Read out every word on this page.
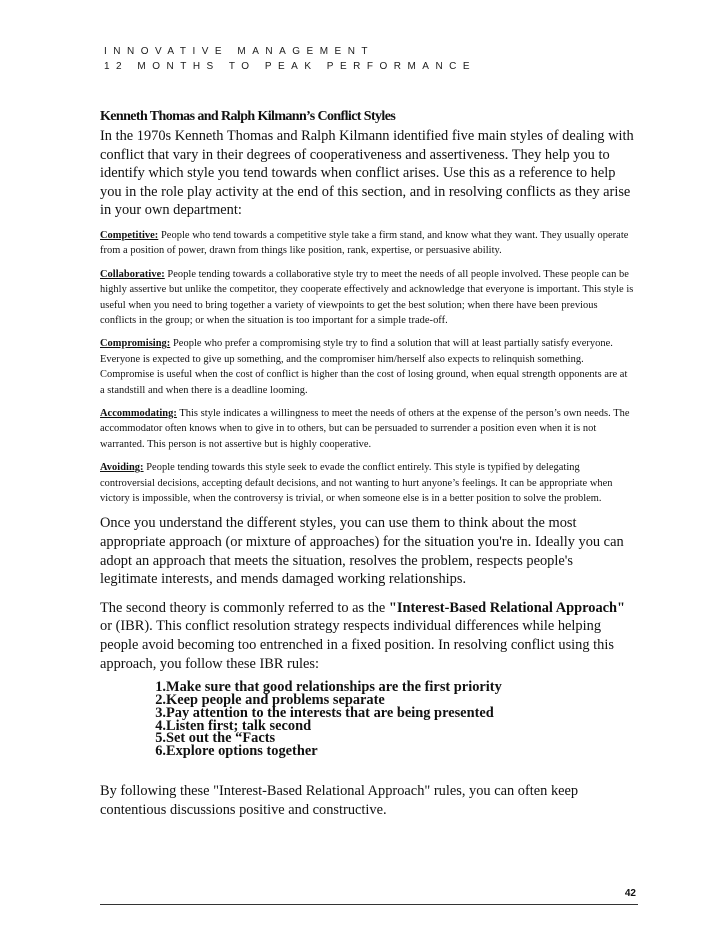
INNOVATIVE MANAGEMENT
12 MONTHS TO PEAK PERFORMANCE
Kenneth Thomas and Ralph Kilmann’s Conflict Styles

In the 1970s Kenneth Thomas and Ralph Kilmann identified five main styles of dealing with conflict that vary in their degrees of cooperativeness and assertiveness. They help you to identify which style you tend towards when conflict arises. Use this as a reference to help you in the role play activity at the end of this section, and in resolving conflicts as they arise in your own department:

Competitive: People who tend towards a competitive style take a firm stand, and know what they want. They usually operate from a position of power, drawn from things like position, rank, expertise, or persuasive ability.

Collaborative: People tending towards a collaborative style try to meet the needs of all people involved. These people can be highly assertive but unlike the competitor, they cooperate effectively and acknowledge that everyone is important. This style is useful when you need to bring together a variety of viewpoints to get the best solution; when there have been previous conflicts in the group; or when the situation is too important for a simple trade-off.

Compromising: People who prefer a compromising style try to find a solution that will at least partially satisfy everyone. Everyone is expected to give up something, and the compromiser him/herself also expects to relinquish something. Compromise is useful when the cost of conflict is higher than the cost of losing ground, when equal strength opponents are at a standstill and when there is a deadline looming.

Accommodating: This style indicates a willingness to meet the needs of others at the expense of the person’s own needs. The accommodator often knows when to give in to others, but can be persuaded to surrender a position even when it is not warranted. This person is not assertive but is highly cooperative.

Avoiding: People tending towards this style seek to evade the conflict entirely. This style is typified by delegating controversial decisions, accepting default decisions, and not wanting to hurt anyone’s feelings. It can be appropriate when victory is impossible, when the controversy is trivial, or when someone else is in a better position to solve the problem.

Once you understand the different styles, you can use them to think about the most appropriate approach (or mixture of approaches) for the situation you're in. Ideally you can adopt an approach that meets the situation, resolves the problem, respects people's legitimate interests, and mends damaged working relationships.

The second theory is commonly referred to as the "Interest-Based Relational Approach" or (IBR). This conflict resolution strategy respects individual differences while helping people avoid becoming too entrenched in a fixed position. In resolving conflict using this approach, you follow these IBR rules:

1. Make sure that good relationships are the first priority
2. Keep people and problems separate
3. Pay attention to the interests that are being presented
4. Listen first; talk second
5. Set out the “Facts
6. Explore options together

By following these "Interest-Based Relational Approach" rules, you can often keep contentious discussions positive and constructive.

42
